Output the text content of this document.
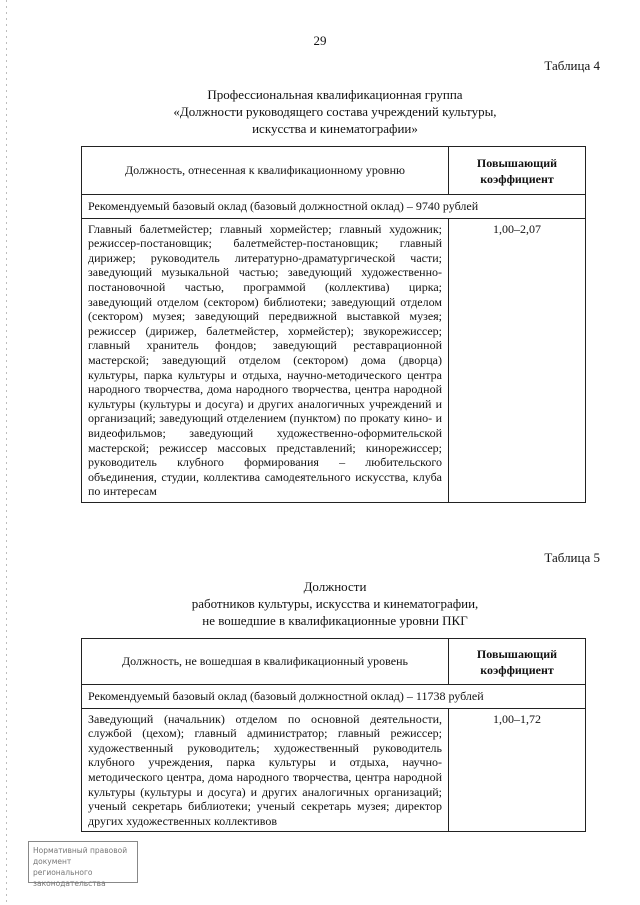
29
Таблица 4
Профессиональная квалификационная группа
«Должности руководящего состава учреждений культуры,
искусства и кинематографии»
Должность, отнесенная к квалификационному уровню	Повышающий
коэффициент

Рекомендуемый базовый оклад (базовый должностной оклад) – 9740 рублей	
Главный балетмейстер; главный хормейстер; главный художник; режиссер-постановщик; балетмейстер-постановщик; главный дирижер; руководитель литературно-драматургической части; заведующий музыкальной частью; заведующий художественно-постановочной частью, программой (коллектива) цирка; заведующий отделом (сектором) библиотеки; заведующий отделом (сектором) музея; заведующий передвижной выставкой музея; режиссер (дирижер, балетмейстер, хормейстер); звукорежиссер; главный хранитель фондов; заведующий реставрационной мастерской; заведующий отделом (сектором) дома (дворца) культуры, парка культуры и отдыха, научно-методического центра народного творчества, дома народного творчества, центра народной культуры (культуры и досуга) и других аналогичных учреждений и организаций; заведующий отделением (пунктом) по прокату кино- и видеофильмов; заведующий художественно-оформительской мастерской; режиссер массовых представлений; кинорежиссер; руководитель клубного формирования – любительского объединения, студии, коллектива самодеятельного искусства, клуба по интересам	1,00–2,07
Таблица 5
Должности
работников культуры, искусства и кинематографии,
не вошедшие в квалификационные уровни ПКГ
Должность, не вошедшая в квалификационный уровень	Повышающий
коэффициент

Рекомендуемый базовый оклад (базовый должностной оклад) – 11738 рублей	
Заведующий (начальник) отделом по основной деятельности, службой (цехом); главный администратор; главный режиссер; художественный руководитель; художественный руководитель клубного учреждения, парка культуры и отдыха, научно-методического центра, дома народного творчества, центра народной культуры (культуры и досуга) и других аналогичных организаций; ученый секретарь библиотеки; ученый секретарь музея; директор других художественных коллективов	1,00–1,72
Нормативный правовой
документ регионального
законодательства
